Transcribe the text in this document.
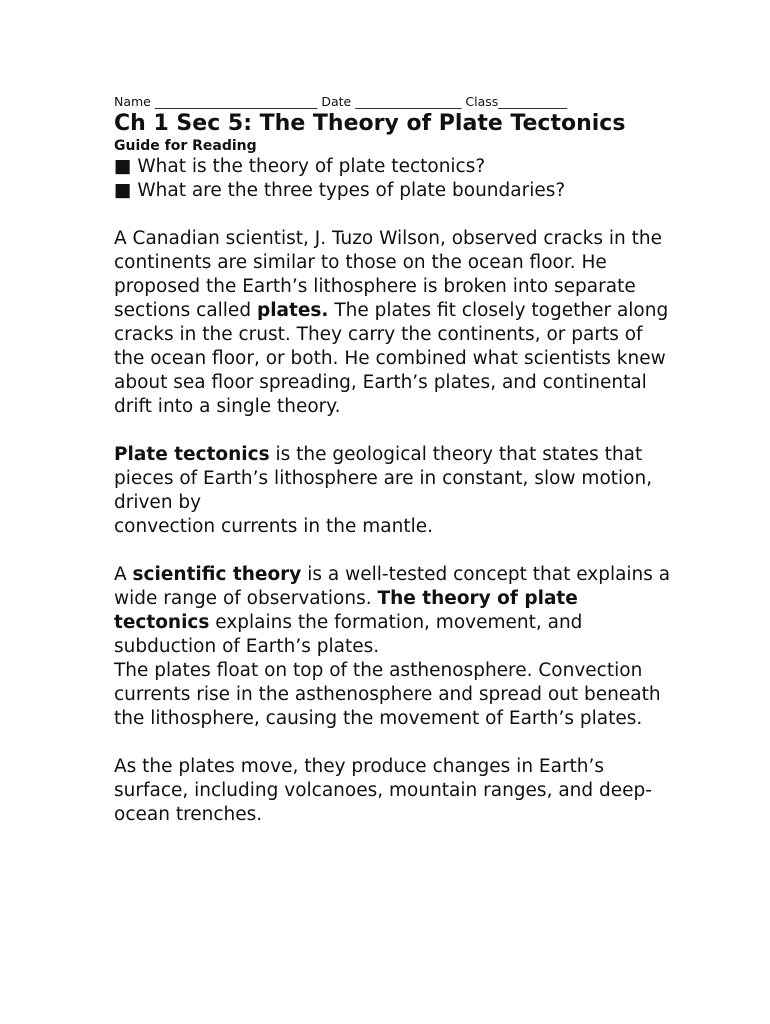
Name __________________________ Date _________________ Class___________
Ch 1 Sec 5: The Theory of Plate Tectonics
Guide for Reading
■ What is the theory of plate tectonics?
■ What are the three types of plate boundaries?
A Canadian scientist, J. Tuzo Wilson, observed cracks in the continents are similar to those on the ocean floor. He proposed the Earth’s lithosphere is broken into separate sections called plates. The plates fit closely together along cracks in the crust. They carry the continents, or parts of the ocean floor, or both. He combined what scientists knew about sea floor spreading, Earth’s plates, and continental drift into a single theory.
Plate tectonics is the geological theory that states that pieces of Earth’s lithosphere are in constant, slow motion, driven by
convection currents in the mantle.
A scientific theory is a well-tested concept that explains a wide range of observations. The theory of plate tectonics explains the formation, movement, and subduction of Earth’s plates.
The plates float on top of the asthenosphere. Convection currents rise in the asthenosphere and spread out beneath the lithosphere, causing the movement of Earth’s plates.
As the plates move, they produce changes in Earth’s surface, including volcanoes, mountain ranges, and deep-ocean trenches.
